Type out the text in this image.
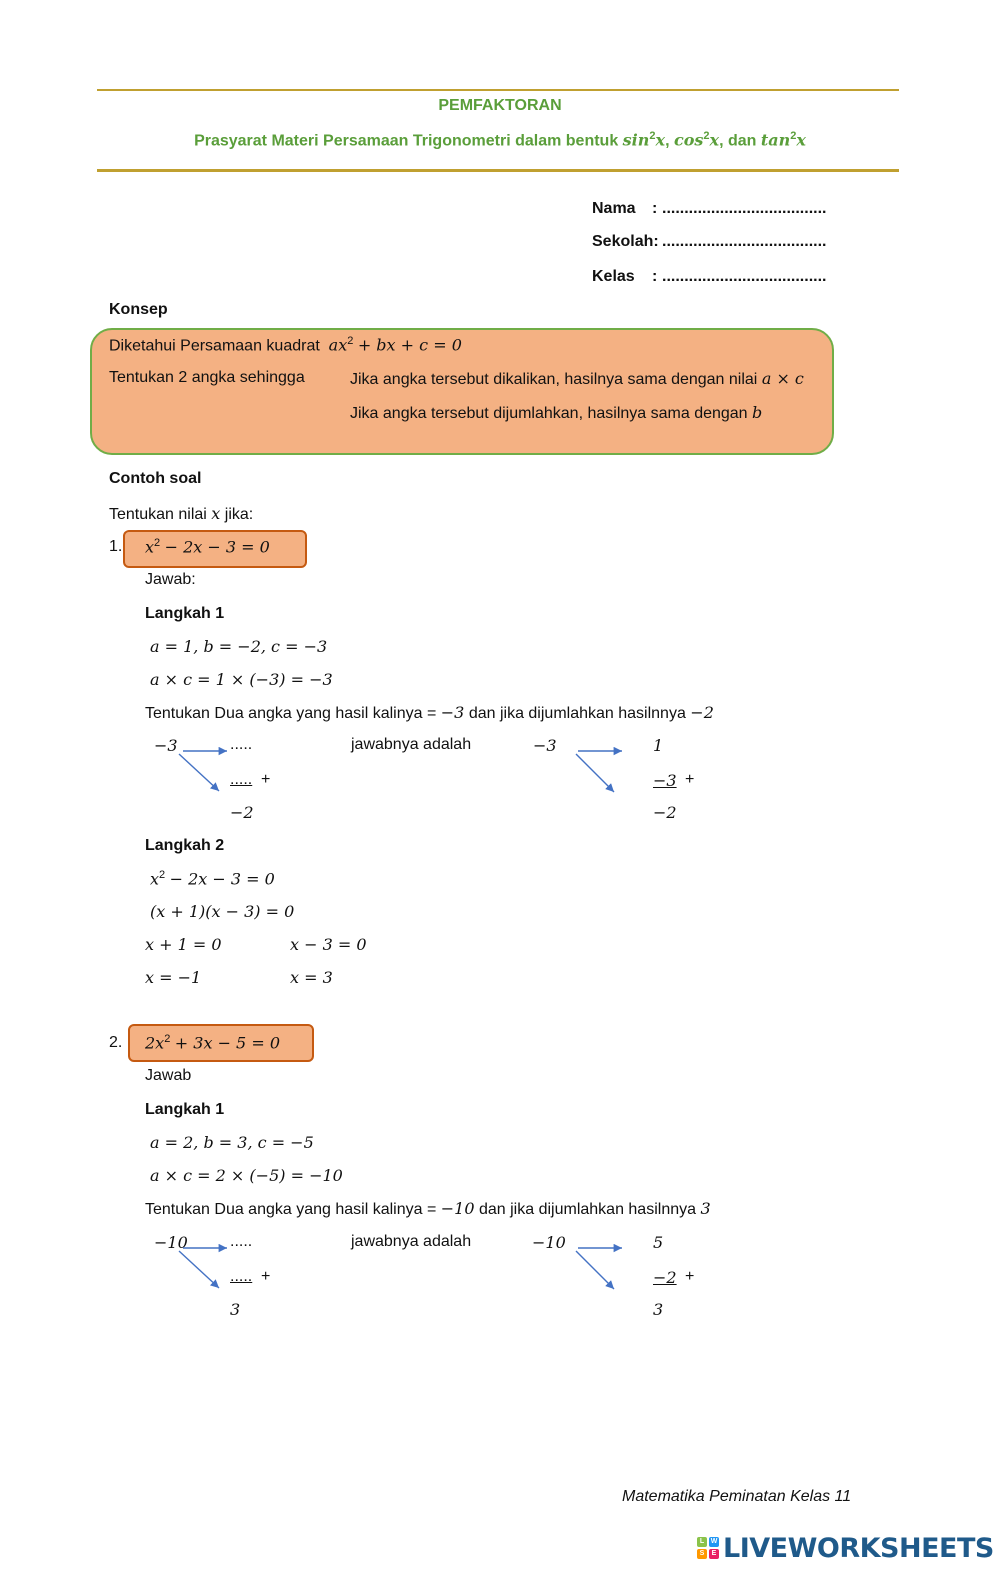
PEMFAKTORAN
Prasyarat Materi Persamaan Trigonometri dalam bentuk $\sin^2x$, $\cos^2x$, dan $\tan^2x$
Nama : .....................................
Sekolah: .....................................
Kelas : .....................................
Konsep
Diketahui Persamaan kuadrat $ax^2$ + bx + c = 0
Tentukan 2 angka sehingga	Jika angka tersebut dikalikan, hasilnya sama dengan nilai a × c
Jika angka tersebut dijumlahkan, hasilnya sama dengan b
Contoh soal
Tentukan nilai x jika:
1. $x^2 - 2x - 3 = 0$
Jawab:
Langkah 1
a = 1, b = −2, c = −3
a × c = 1 × (−3) = −3
Tentukan Dua angka yang hasil kalinya = −3 dan jika dijumlahkan hasilnnya −2
−3	.....
..... +
−2
jawabnya adalah	−3	1
−3 +
−2
Langkah 2
$x^2 - 2x - 3 = 0$
(x + 1)(x − 3) = 0
x + 1 = 0	x − 3 = 0
x = −1	x = 3
2. $2x^2 + 3x - 5 = 0$
Jawab
Langkah 1
a = 2, b = 3, c = −5
a × c = 2 × (−5) = −10
Tentukan Dua angka yang hasil kalinya = −10 dan jika dijumlahkan hasilnnya 3
−10	.....
..... +
3
jawabnya adalah	−10	5
−2 +
3
Matematika Peminatan Kelas 11
L W
S	E LIVEWORKSHEETS
